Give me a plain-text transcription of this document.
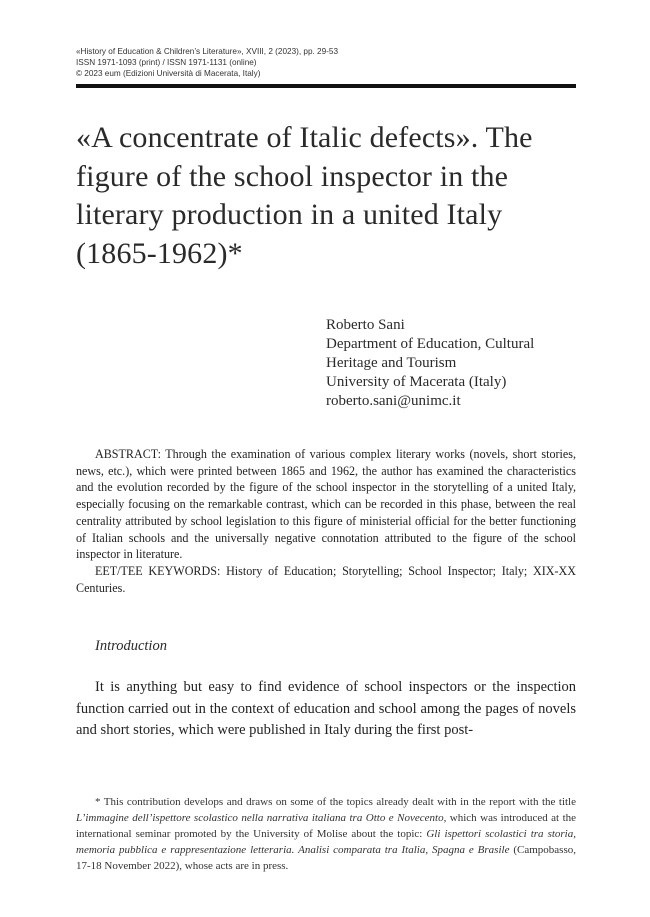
«History of Education & Children’s Literature», XVIII, 2 (2023), pp. 29-53
ISSN 1971-1093 (print) / ISSN 1971-1131 (online)
© 2023 eum (Edizioni Università di Macerata, Italy)
«A concentrate of Italic defects». The figure of the school inspector in the literary production in a united Italy (1865-1962)*
Roberto Sani
Department of Education, Cultural
Heritage and Tourism
University of Macerata (Italy)
roberto.sani@unimc.it

ABSTRACT: Through the examination of various complex literary works (novels, short stories, news, etc.), which were printed between 1865 and 1962, the author has examined the characteristics and the evolution recorded by the figure of the school inspector in the storytelling of a united Italy, especially focusing on the remarkable contrast, which can be recorded in this phase, between the real centrality attributed by school legislation to this figure of ministerial official for the better functioning of Italian schools and the universally negative connotation attributed to the figure of the school inspector in literature.

EET/TEE KEYWORDS: History of Education; Storytelling; School Inspector; Italy; XIX-XX Centuries.

Introduction

It is anything but easy to find evidence of school inspectors or the inspection function carried out in the context of education and school among the pages of novels and short stories, which were published in Italy during the first post-

* This contribution develops and draws on some of the topics already dealt with in the report with the title L’immagine dell’ispettore scolastico nella narrativa italiana tra Otto e Novecento, which was introduced at the international seminar promoted by the University of Molise about the topic: Gli ispettori scolastici tra storia, memoria pubblica e rappresentazione letteraria. Analisi comparata tra Italia, Spagna e Brasile (Campobasso, 17-18 November 2022), whose acts are in press.
